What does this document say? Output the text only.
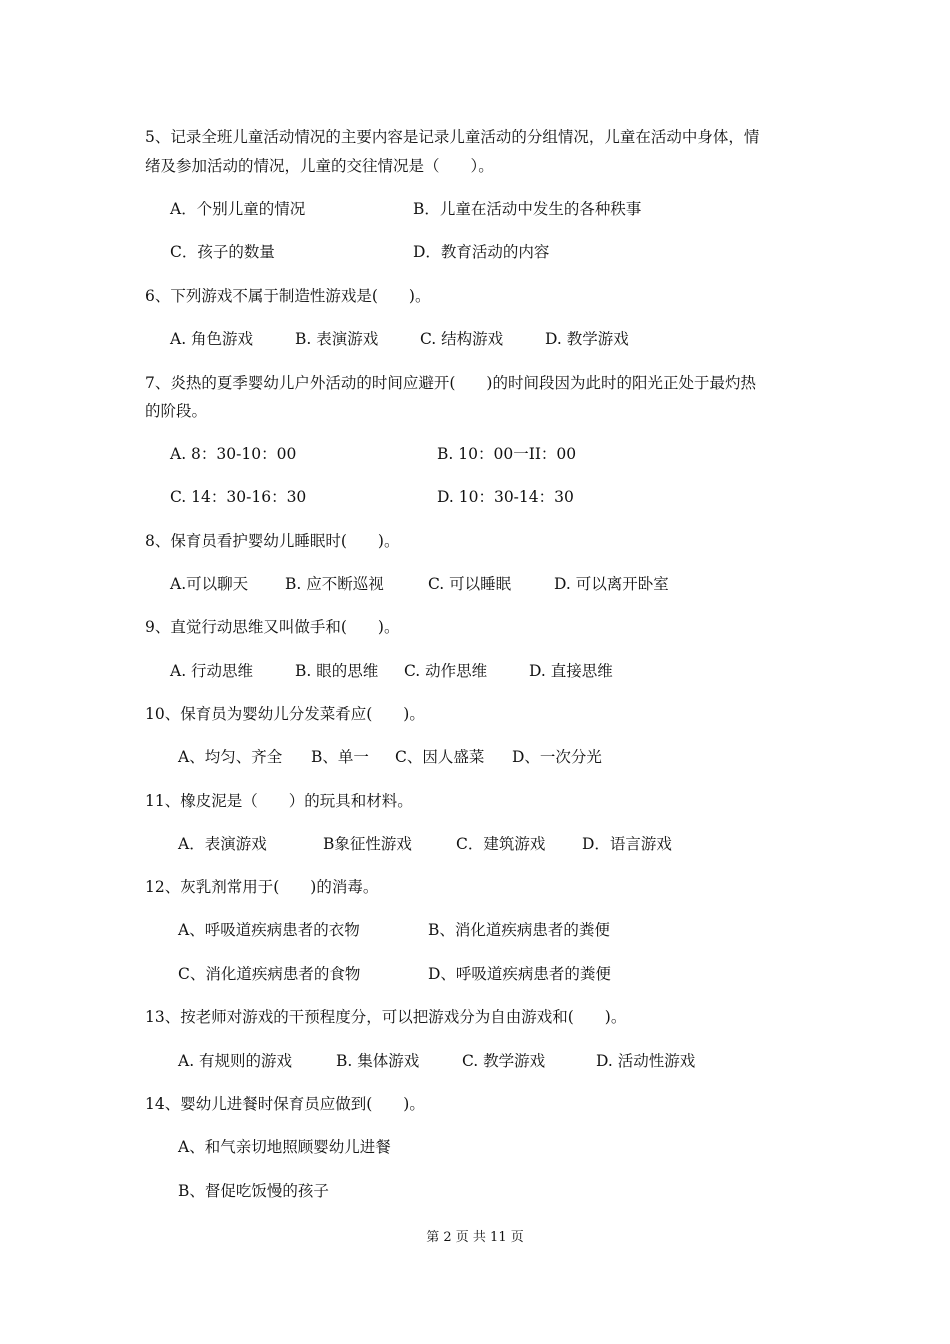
5、记录全班儿童活动情况的主要内容是记录儿童活动的分组情况，儿童在活动中身体，情
绪及参加活动的情况，儿童的交往情况是（　　）。
A．个别儿童的情况	B．儿童在活动中发生的各种秩事
C．孩子的数量	D．教育活动的内容
6、下列游戏不属于制造性游戏是(　　)。
A. 角色游戏	B. 表演游戏	C. 结构游戏	D. 教学游戏
7、炎热的夏季婴幼儿户外活动的时间应避开(　　)的时间段因为此时的阳光正处于最灼热
的阶段。
A. 8：30-10：00	B. 10：00一II：00
C. 14：30-16：30	D. 10：30-14：30
8、保育员看护婴幼儿睡眠时(　　)。
A.可以聊天 B. 应不断巡视	C. 可以睡眠	D. 可以离开卧室
9、直觉行动思维又叫做手和(　　)。
A. 行动思维	B. 眼的思维 C. 动作思维	D. 直接思维
10、保育员为婴幼儿分发菜肴应(　　)。
A、均匀、齐全 B、单一 C、因人盛菜 D、一次分光
11、橡皮泥是（　　）的玩具和材料。
A．表演游戏	B象征性游戏	C．建筑游戏 D．语言游戏
12、灰乳剂常用于(　　)的消毒。
A、呼吸道疾病患者的衣物	B、消化道疾病患者的粪便
C、消化道疾病患者的食物	D、呼吸道疾病患者的粪便
13、按老师对游戏的干预程度分，可以把游戏分为自由游戏和(　　)。
A. 有规则的游戏	B. 集体游戏	C. 教学游戏	D. 活动性游戏
14、婴幼儿进餐时保育员应做到(　　)。
A、和气亲切地照顾婴幼儿进餐
B、督促吃饭慢的孩子
第 2 页 共 11 页
